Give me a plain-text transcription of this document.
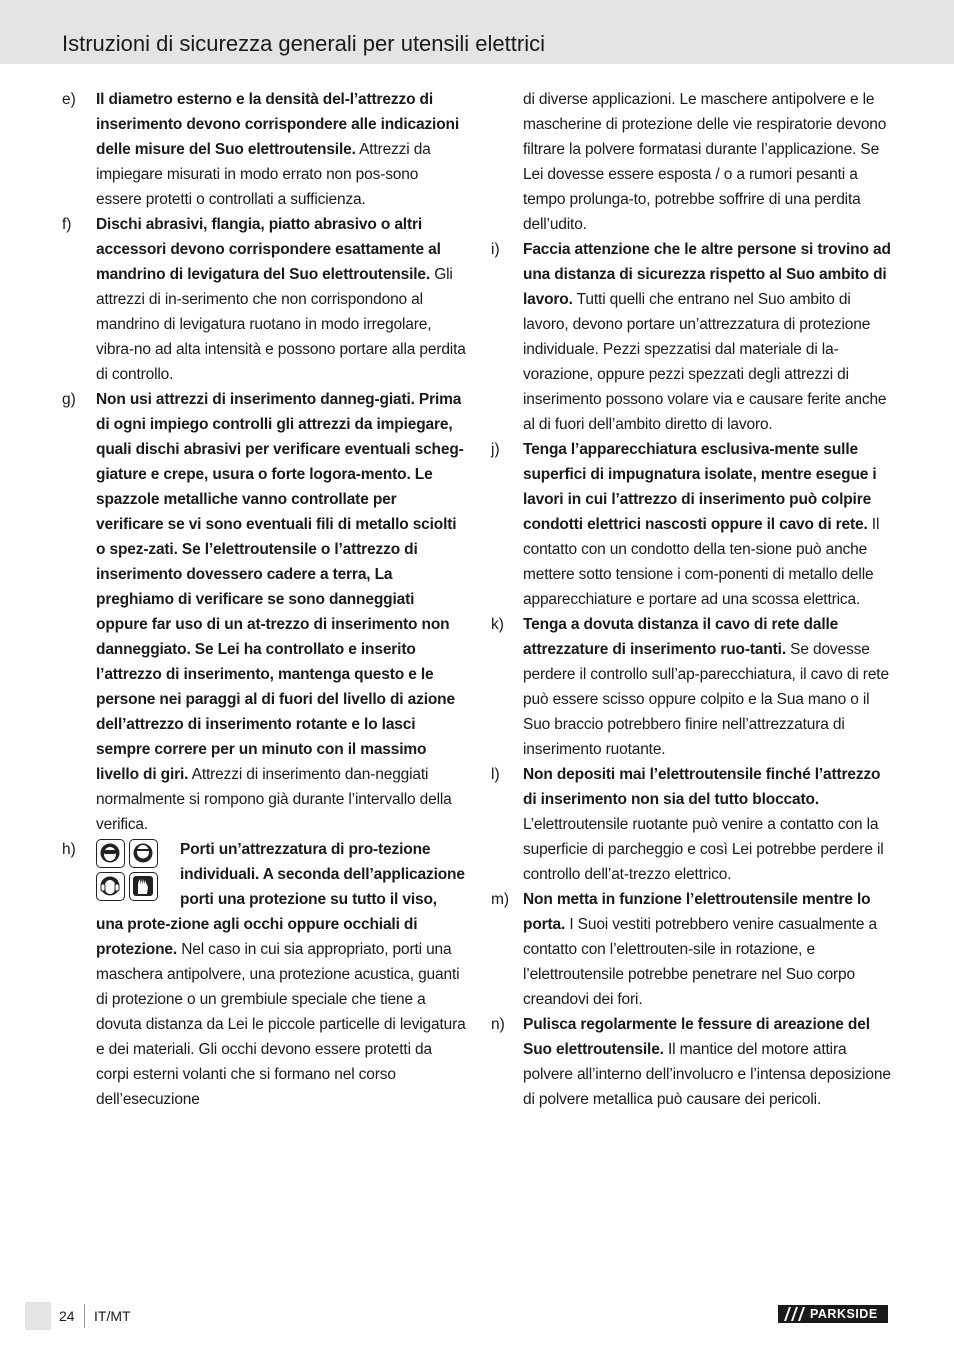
Istruzioni di sicurezza generali per utensili elettrici
e) Il diametro esterno e la densità del-l’attrezzo di inserimento devono corrispondere alle indicazioni delle misure del Suo elettroutensile. Attrezzi da impiegare misurati in modo errato non pos-sono essere protetti o controllati a sufficienza.
f) Dischi abrasivi, flangia, piatto abrasivo o altri accessori devono corrispondere esattamente al mandrino di levigatura del Suo elettroutensile. Gli attrezzi di in-serimento che non corrispondono al mandrino di levigatura ruotano in modo irregolare, vibra-no ad alta intensità e possono portare alla perdita di controllo.
g) Non usi attrezzi di inserimento danneg-giati. Prima di ogni impiego controlli gli attrezzi da impiegare, quali dischi abrasivi per verificare eventuali scheg-giature e crepe, usura o forte logora-mento. Le spazzole metalliche vanno controllate per verificare se vi sono eventuali fili di metallo sciolti o spez-zati. Se l’elettroutensile o l’attrezzo di inserimento dovessero cadere a terra, La preghiamo di verificare se sono danneggiati oppure far uso di un at-trezzo di inserimento non danneggiato. Se Lei ha controllato e inserito l’attrezzo di inserimento, mantenga questo e le persone nei paraggi al di fuori del livello di azione dell’attrezzo di inserimento rotante e lo lasci sempre correre per un minuto con il massimo livello di giri. Attrezzi di inserimento dan-neggiati normalmente si rompono già durante l’intervallo della verifica.
h)	Porti un’attrezzatura di pro-tezione individuali. A seconda dell’applicazione porti una protezione su tutto il viso, una prote-zione agli occhi oppure occhiali di protezione. Nel caso in cui sia appropriato, porti una maschera antipolvere, una protezione acustica, guanti di protezione o un grembiule speciale che tiene a dovuta distanza da Lei le piccole particelle di levigatura e dei materiali. Gli occhi devono essere protetti da corpi esterni volanti che si formano nel corso dell’esecuzione
di diverse applicazioni. Le maschere antipolvere e le mascherine di protezione delle vie respiratorie devono filtrare la polvere formatasi durante l’applicazione. Se Lei dovesse essere esposta / o a rumori pesanti a tempo prolunga-to, potrebbe soffrire di una perdita dell’udito.
i) Faccia attenzione che le altre persone si trovino ad una distanza di sicurezza rispetto al Suo ambito di lavoro. Tutti quelli che entrano nel Suo ambito di lavoro, devono portare un’attrezzatura di protezione individuale. Pezzi spezzatisi dal materiale di la-vorazione, oppure pezzi spezzati degli attrezzi di inserimento possono volare via e causare ferite anche al di fuori dell’ambito diretto di lavoro.
j) Tenga l’apparecchiatura esclusiva-mente sulle superfici di impugnatura isolate, mentre esegue i lavori in cui l’attrezzo di inserimento può colpire condotti elettrici nascosti oppure il cavo di rete. Il contatto con un condotto della ten-sione può anche mettere sotto tensione i com-ponenti di metallo delle apparecchiature e portare ad una scossa elettrica.
k) Tenga a dovuta distanza il cavo di rete dalle attrezzature di inserimento ruo-tanti. Se dovesse perdere il controllo sull’ap-parecchiatura, il cavo di rete può essere scisso oppure colpito e la Sua mano o il Suo braccio potrebbero finire nell’attrezzatura di inserimento ruotante.
l) Non depositi mai l’elettroutensile finché l’attrezzo di inserimento non sia del tutto bloccato. L’elettroutensile ruotante può venire a contatto con la superficie di parcheggio e così Lei potrebbe perdere il controllo dell’at-trezzo elettrico.
m) Non metta in funzione l’elettroutensile mentre lo porta. I Suoi vestiti potrebbero venire casualmente a contatto con l’elettrouten-sile in rotazione, e l’elettroutensile potrebbe penetrare nel Suo corpo creandovi dei fori.
n) Pulisca regolarmente le fessure di areazione del Suo elettroutensile. Il mantice del motore attira polvere all’interno dell’involucro e l’intensa deposizione di polvere metallica può causare dei pericoli.
24 IT/MT	PARKSIDE
